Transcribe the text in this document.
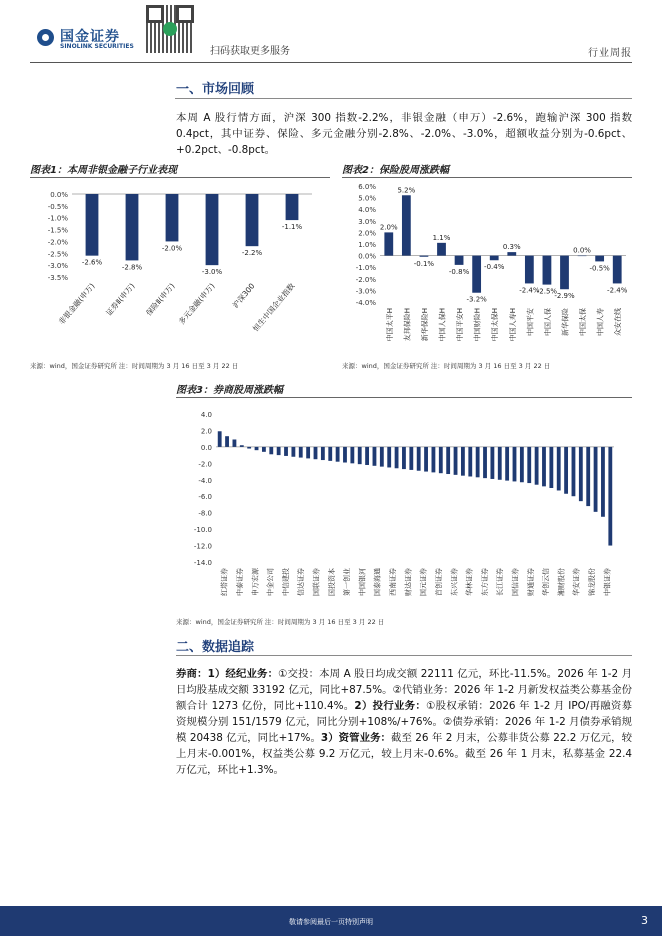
国金证券
SINOLINK SECURITIES	扫码获取更多服务	行业周报
一、市场回顾
本周 A 股行情方面，沪深 300 指数-2.2%，非银金融（申万）-2.6%，跑输沪深 300 指数 0.4pct，其中证券、保险、多元金融分别-2.8%、-2.0%、-3.0%，超额收益分别为-0.6pct、+0.2pct、-0.8pct。
图表1：本周非银金融子行业表现
0.0%
-0.5%
-1.0%
-1.5%
-2.0%
-2.5%
-3.0%
-3.5%
-2.6%
-2.8%
-2.0%
-3.0%
-2.2%
-1.1%
非银金融(申万) 证券Ⅱ(申万) 保险Ⅱ(申万) 多元金融(申万) 沪深300
恒生中国企业指数
来源：wind，国金证券研究所 注：时间周期为 3 月 16 日至 3 月 22 日
图表2：保险股周涨跌幅
6.0%
5.0%
4.0%
3.0%
2.0%
1.0%
0.0%
-1.0%
-2.0%
-3.0%
-4.0%
2.0%
5.2%
-0.1%
1.1%
-0.8%
-3.2%
-0.4%
0.3%
-2.4%
-2.5%
-2.9%
0.0%
-0.5%
-2.4%
中国太平H 友邦保险H 新华保险H 中国人保H 中国平安H 中国财险H 中国太保H 中国人寿H 中国平安 中国人保 新华保险 中国太保 中国人寿 众安在线
来源：wind，国金证券研究所 注：时间周期为 3 月 16 日至 3 月 22 日
图表3：券商股周涨跌幅
4.0
2.0
0.0
-2.0
-4.0
-6.0
-8.0
-10.0
-12.0
-14.0
红塔证券 中泰证券 申万宏源 中金公司 中信建投 信达证券 国联证券 国投资本 第一创业 中国银河 国泰海通 西南证券 财达证券 国元证券 首创证券 东兴证券 华林证券 东方证券 长江证券 国信证券 财通证券 华创云信 湘财股份 华安证券 锦龙股份 中银证券
来源：wind，国金证券研究所 注：时间周期为 3 月 16 日至 3 月 22 日
二、数据追踪
券商：1）经纪业务：①交投：本周 A 股日均成交额 22111 亿元，环比-11.5%。2026 年 1-2 月日均股基成交额 33192 亿元，同比+87.5%。②代销业务：2026 年 1-2 月新发权益类公募基金份额合计 1273 亿份，同比+110.4%。2）投行业务：①股权承销：2026 年 1-2 月 IPO/再融资募资规模分别 151/1579 亿元，同比分别+108%/+76%。②债券承销：2026 年 1-2 月债券承销规模 20438 亿元，同比+17%。3）资管业务：截至 26 年 2 月末，公募非货公募 22.2 万亿元，较上月末-0.001%，权益类公募 9.2 万亿元，较上月末-0.6%。截至 26 年 1 月末，私募基金 22.4 万亿元，环比+1.3%。
敬请参阅最后一页特别声明	3
